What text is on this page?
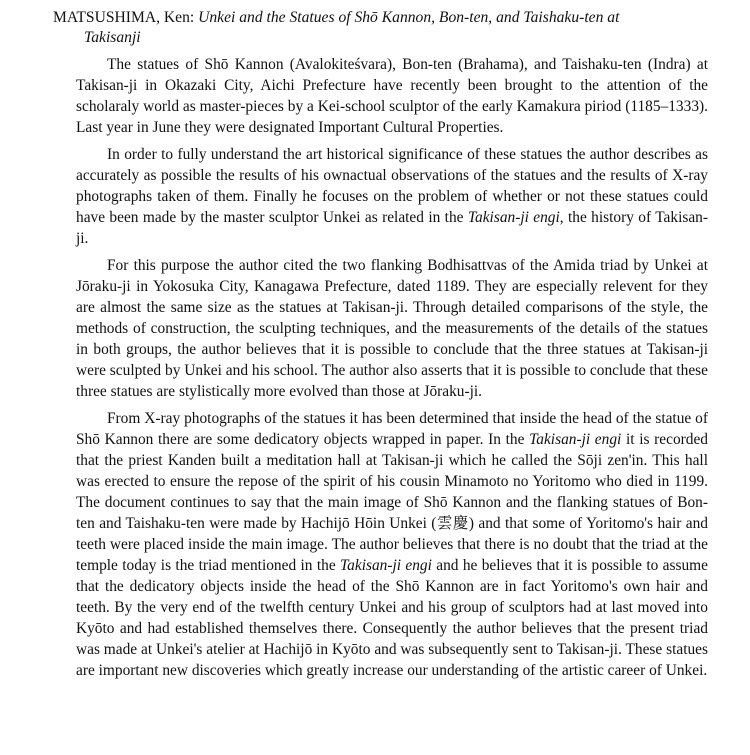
MATSUSHIMA, Ken: Unkei and the Statues of Shō Kannon, Bon-ten, and Taishaku-ten at
Takisanji

The statues of Shō Kannon (Avalokiteśvara), Bon-ten (Brahama), and Taishaku-ten (Indra) at Takisan-ji in Okazaki City, Aichi Prefecture have recently been brought to the attention of the scholaraly world as master-pieces by a Kei-school sculptor of the early Kamakura piriod (1185–1333). Last year in June they were designated Important Cultural Properties.

In order to fully understand the art historical significance of these statues the author describes as accurately as possible the results of his ownactual observations of the statues and the results of X-ray photographs taken of them. Finally he focuses on the problem of whether or not these statues could have been made by the master sculptor Unkei as related in the Takisan-ji engi, the history of Takisan-ji.

For this purpose the author cited the two flanking Bodhisattvas of the Amida triad by Unkei at Jōraku-ji in Yokosuka City, Kanagawa Prefecture, dated 1189. They are especially relevent for they are almost the same size as the statues at Takisan-ji. Through detailed comparisons of the style, the methods of construction, the sculpting techniques, and the measurements of the details of the statues in both groups, the author believes that it is possible to conclude that the three statues at Takisan-ji were sculpted by Unkei and his school. The author also asserts that it is possible to conclude that these three statues are stylistically more evolved than those at Jōraku-ji.

From X-ray photographs of the statues it has been determined that inside the head of the statue of Shō Kannon there are some dedicatory objects wrapped in paper. In the Takisan-ji engi it is recorded that the priest Kanden built a meditation hall at Takisan-ji which he called the Sōji zen'in. This hall was erected to ensure the repose of the spirit of his cousin Minamoto no Yoritomo who died in 1199. The document continues to say that the main image of Shō Kannon and the flanking statues of Bon-ten and Taishaku-ten were made by Hachijō Hōin Unkei (雲慶) and that some of Yoritomo's hair and teeth were placed inside the main image. The author believes that there is no doubt that the triad at the temple today is the triad mentioned in the Takisan-ji engi and he believes that it is possible to assume that the dedicatory objects inside the head of the Shō Kannon are in fact Yoritomo's own hair and teeth. By the very end of the twelfth century Unkei and his group of sculptors had at last moved into Kyōto and had established themselves there. Consequently the author believes that the present triad was made at Unkei's atelier at Hachijō in Kyōto and was subsequently sent to Takisan-ji. These statues are important new discoveries which greatly increase our understanding of the artistic career of Unkei.
